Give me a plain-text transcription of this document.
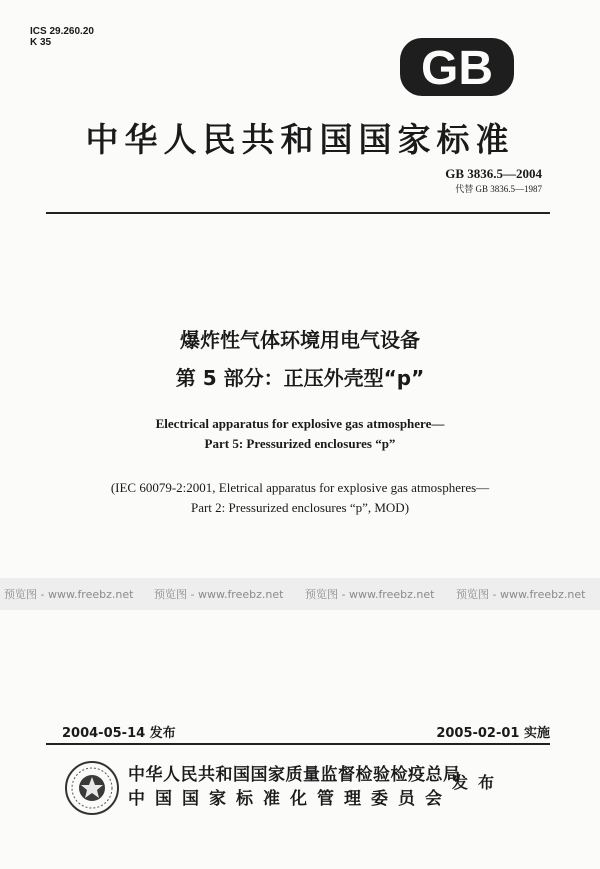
ICS 29.260.20
K 35	GB
中华人民共和国国家标准
GB 3836.5—2004
代替 GB 3836.5—1987
爆炸性气体环境用电气设备
第 5 部分：正压外壳型“p”
Electrical apparatus for explosive gas atmosphere—
Part 5: Pressurized enclosures “p”
(IEC 60079-2:2001, Eletrical apparatus for explosive gas atmospheres—
Part 2: Pressurized enclosures “p”, MOD)
预览图 - www.freebz.net 预览图 - www.freebz.net 预览图 - www.freebz.net 预览图 - www.freebz.net
2004-05-14 发布	2005-02-01 实施
中华人民共和国国家质量监督检验检疫总局
中国国家标准化管理委员会
发布
